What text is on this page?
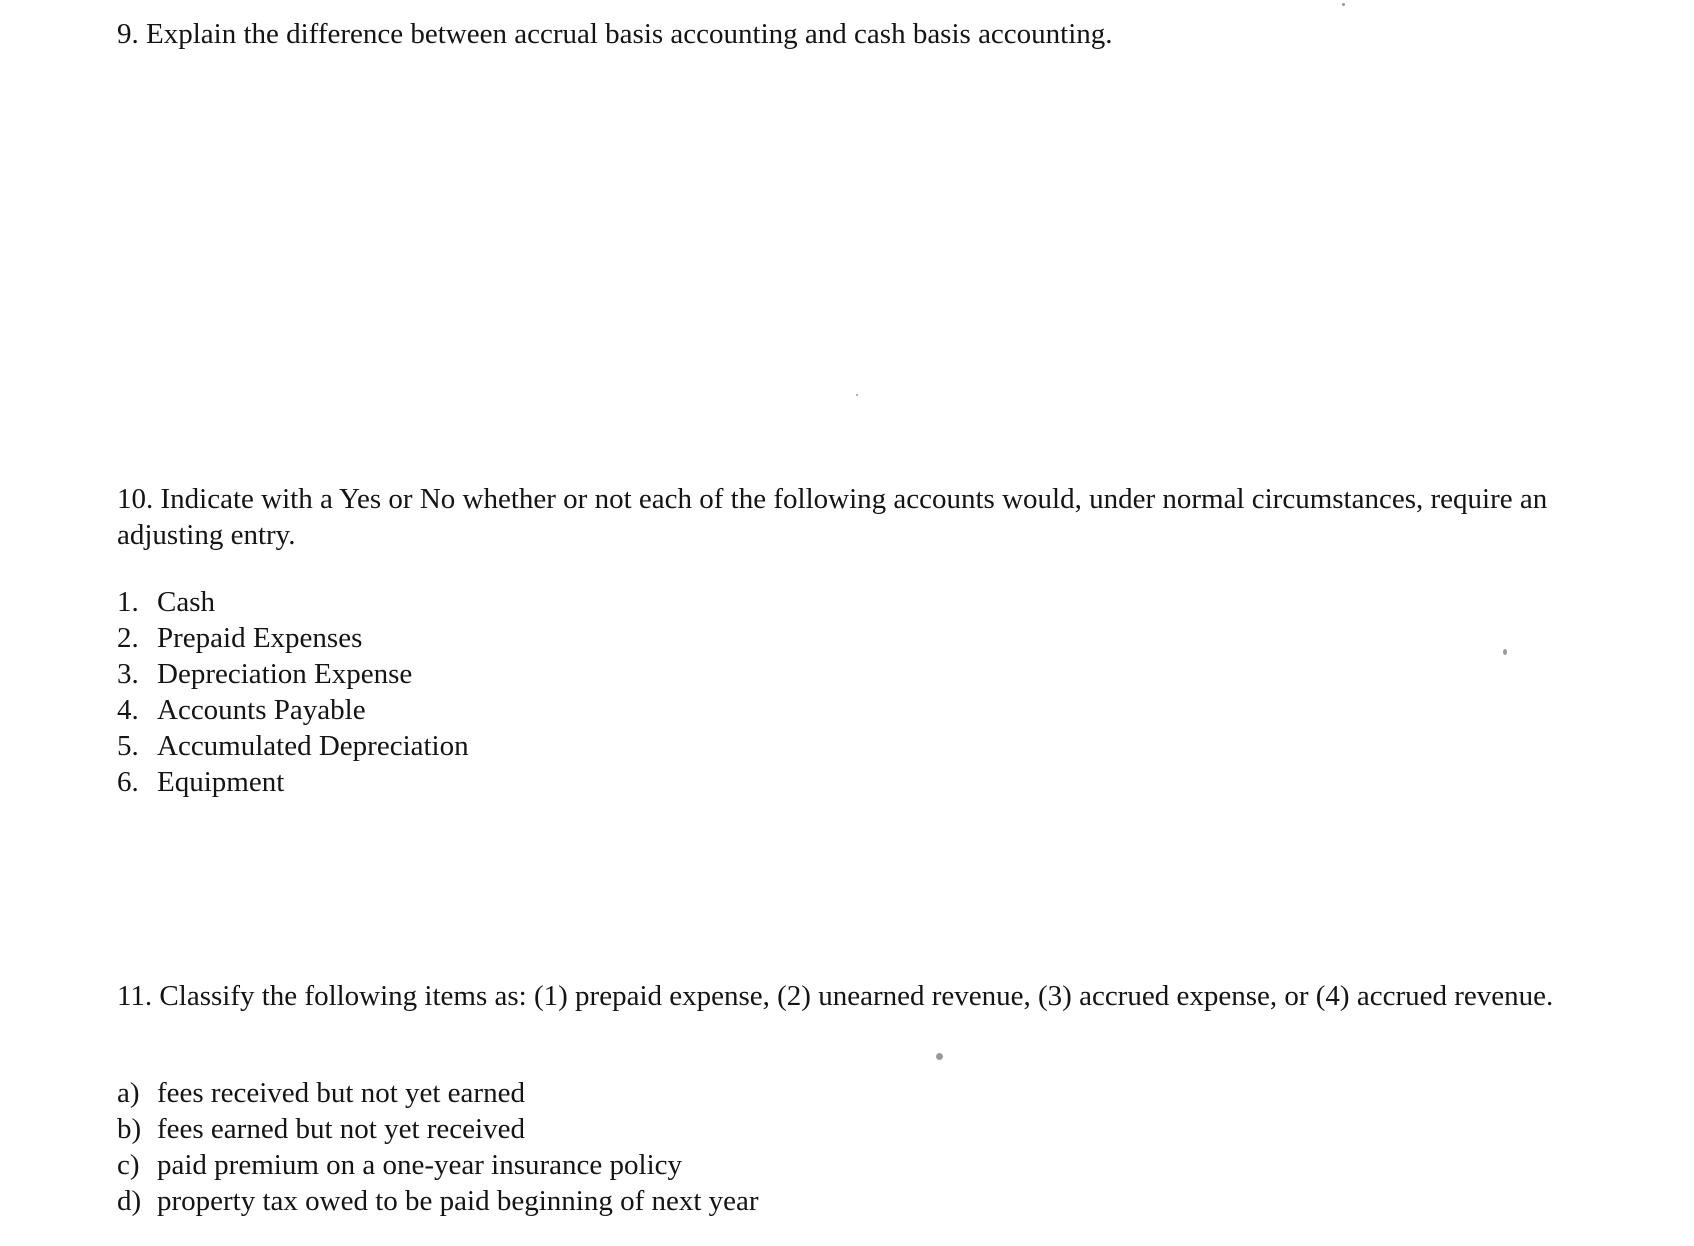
9. Explain the difference between accrual basis accounting and cash basis accounting.

10. Indicate with a Yes or No whether or not each of the following accounts would, under normal circumstances, require an adjusting entry.

1. Cash
2. Prepaid Expenses
3. Depreciation Expense
4. Accounts Payable
5. Accumulated Depreciation
6. Equipment

11. Classify the following items as: (1) prepaid expense, (2) unearned revenue, (3) accrued expense, or (4) accrued revenue.

a) fees received but not yet earned
b) fees earned but not yet received
c) paid premium on a one-year insurance policy
d) property tax owed to be paid beginning of next year
